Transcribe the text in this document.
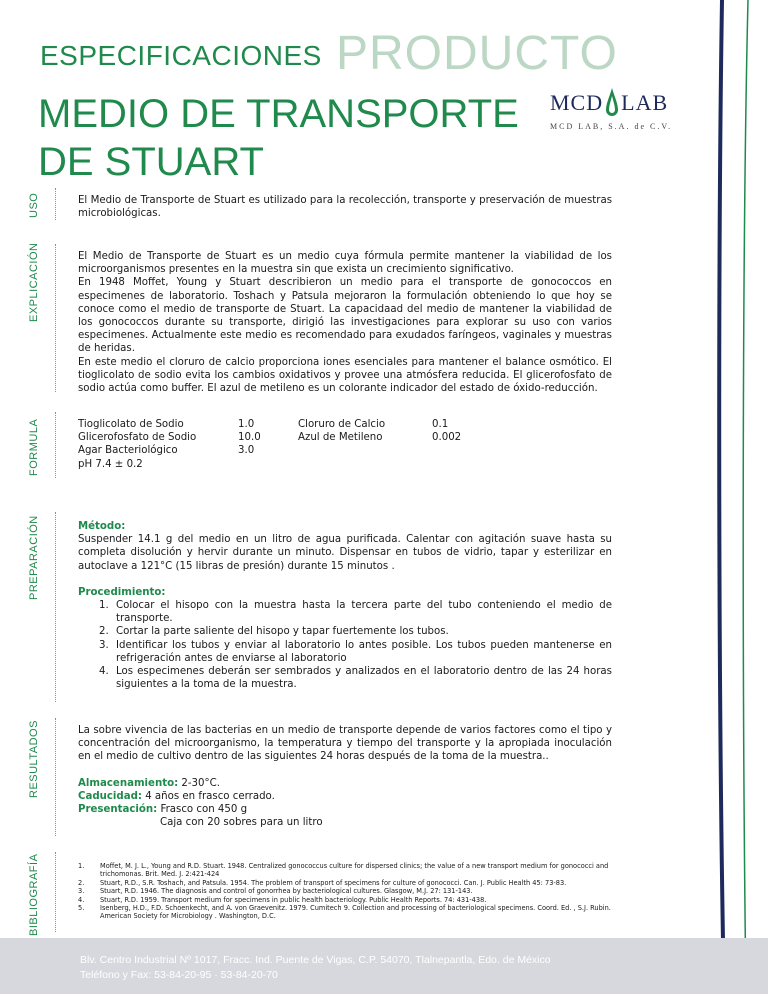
PRODUCTO
ESPECIFICACIONES
MEDIO DE TRANSPORTE
DE STUART
MCD LAB
MCD LAB, S.A. de C.V.
USO	El Medio de Transporte de Stuart es utilizado para la recolección, transporte y preservación de muestras microbiológicas.
EXPLICACIÓN	El Medio de Transporte de Stuart es un medio cuya fórmula permite mantener la viabilidad de los microorganismos presentes en la muestra sin que exista un crecimiento significativo.

En 1948 Moffet, Young y Stuart describieron un medio para el transporte de gonococcos en especimenes de laboratorio. Toshach y Patsula mejoraron la formulación obteniendo lo que hoy se conoce como el medio de transporte de Stuart. La capacidaad del medio de mantener la viabilidad de los gonococcos durante su transporte, dirigió las investigaciones para explorar su uso con varios especimenes. Actualmente este medio es recomendado para exudados faríngeos, vaginales y muestras de heridas.

En este medio el cloruro de calcio proporciona iones esenciales para mantener el balance osmótico. El tioglicolato de sodio evita los cambios oxidativos y provee una atmósfera reducida. El glicerofosfato de sodio actúa como buffer. El azul de metileno es un colorante indicador del estado de óxido-reducción.

FORMULA	Tioglicolato de Sodio	1.0	Cloruro de Calcio	0.1
Glicerofosfato de Sodio	10.0	Azul de Metileno	0.002
Agar Bacteriológico	3.0
pH 7.4 ± 0.2
PREPARACIÓN	Método:

Suspender 14.1 g del medio en un litro de agua purificada. Calentar con agitación suave hasta su completa disolución y hervir durante un minuto. Dispensar en tubos de vidrio, tapar y esterilizar en autoclave a 121°C (15 libras de presión) durante 15 minutos .

Procedimiento:

1. Colocar el hisopo con la muestra hasta la tercera parte del tubo conteniendo el medio de transporte.
2. Cortar la parte saliente del hisopo y tapar fuertemente los tubos.
3. Identificar los tubos y enviar al laboratorio lo antes posible. Los tubos pueden mantenerse en refrigeración antes de enviarse al laboratorio
4. Los especimenes deberán ser sembrados y analizados en el laboratorio dentro de las 24 horas siguientes a la toma de la muestra.
RESULTADOS	La sobre vivencia de las bacterias en un medio de transporte depende de varios factores como el tipo y concentración del microorganismo, la temperatura y tiempo del transporte y la apropiada inoculación en el medio de cultivo dentro de las siguientes 24 horas después de la toma de la muestra..

Almacenamiento: 2-30°C.

Caducidad: 4 años en frasco cerrado.

Presentación: Frasco con 450 g

Caja con 20 sobres para un litro

BIBLIOGRAFÍA	1.	Moffet, M. J. L., Young and R.D. Stuart. 1948. Centralized gonococcus culture for dispersed clinics; the value of a new transport medium for gonococci and trichomonas. Brit. Med. J. 2:421-424
2.	Stuart, R.D., S.R. Toshach, and Patsula. 1954. The problem of transport of specimens for culture of gonococci. Can. J. Public Health 45: 73-83.
3.	Stuart, R.D. 1946. The diagnosis and control of gonorrhea by bacteriological cultures. Glasgow, M.J. 27: 131-143.
4.	Stuart, R.D. 1959. Transport medium for specimens in public health bacteriology. Public Health Reports. 74: 431-438.
5.	Isenberg, H.D., F.D. Schoenkecht, and A. von Graevenitz. 1979. Cumitech 9. Collection and processing of bacteriological specimens. Coord. Ed. , S.J. Rubin. American Society for Microbiology . Washington, D.C.
Blv. Centro Industrial Nº 1017, Fracc. Ind. Puente de Vigas, C.P. 54070, Tlalnepantla, Edo. de México
Teléfono y Fax: 53-84-20-95 · 53-84-20-70
